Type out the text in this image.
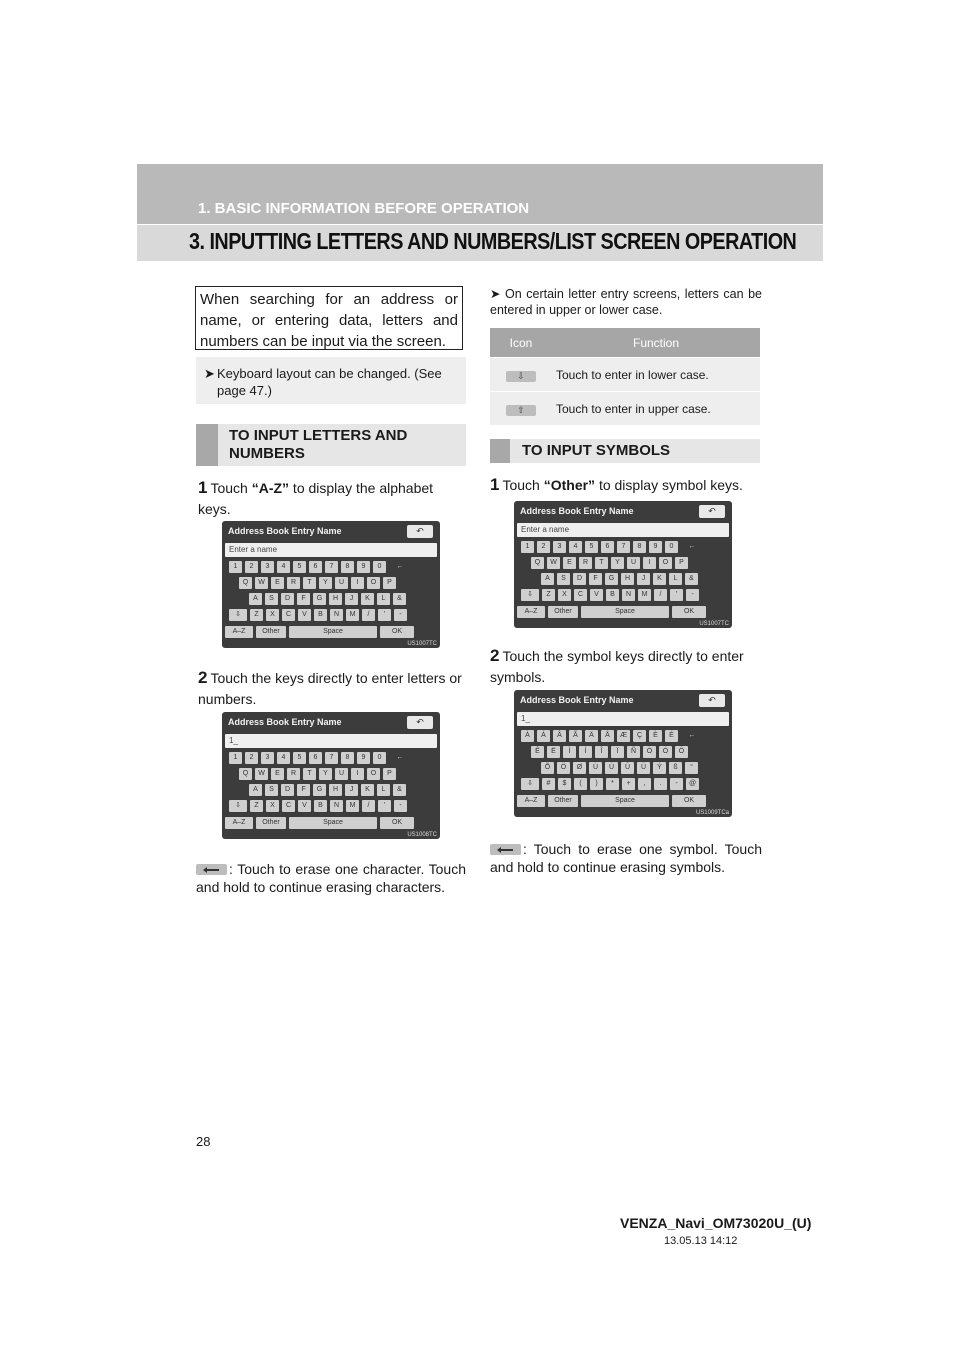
1. BASIC INFORMATION BEFORE OPERATION
3. INPUTTING LETTERS AND NUMBERS/LIST SCREEN OPERATION
When searching for an address or name, or entering data, letters and numbers can be input via the screen.
➤ Keyboard layout can be changed. (See page 47.)
TO INPUT LETTERS AND NUMBERS
1 Touch “A-Z” to display the alphabet keys.
Address Book Entry Name	↶
Enter a name
1	2	3	4	5	6	7	8	9	0	←
Q	W	E	R	T	Y	U	I	O	P
A	S	D	F	G	H	J	K	L	&
⇩	Z	X	C	V	B	N	M	/	'	-
A–Z	Other	Space	OK
US1007TC
2 Touch the keys directly to enter letters or numbers.
Address Book Entry Name	↶
1_
1	2	3	4	5	6	7	8	9	0	←
Q	W	E	R	T	Y	U	I	O	P
A	S	D	F	G	H	J	K	L	&
⇩	Z	X	C	V	B	N	M	/	'	-
A–Z	Other	Space	OK
US1008TC
: Touch to erase one character. Touch and hold to continue erasing characters.
➤ On certain letter entry screens, letters can be entered in upper or lower case.
Icon	Function
⇩	Touch to enter in lower case.
⇧	Touch to enter in upper case.
TO INPUT SYMBOLS
1 Touch “Other” to display symbol keys.
Address Book Entry Name	↶
Enter a name
1	2	3	4	5	6	7	8	9	0	←
Q	W	E	R	T	Y	U	I	O	P
A	S	D	F	G	H	J	K	L	&
⇩	Z	X	C	V	B	N	M	/	'	-
A–Z	Other	Space	OK
US1007TC
2 Touch the symbol keys directly to enter symbols.
Address Book Entry Name	↶
1_
À	Á	Â	Ã	Ä	Å	Æ	Ç	È	É	←
Ê	Ë	Ì	Í	Î	Ï	Ñ	Ò	Ó	Ô
Õ	Ö	Ø	Ù	Ú	Û	Ü	Ý	ß	“
⇩	#	$	(	)	*	+	,	.	-	@
A–Z	Other	Space	OK
US1009TCa
: Touch to erase one symbol. Touch and hold to continue erasing symbols.
28
VENZA_Navi_OM73020U_(U)
13.05.13 14:12
